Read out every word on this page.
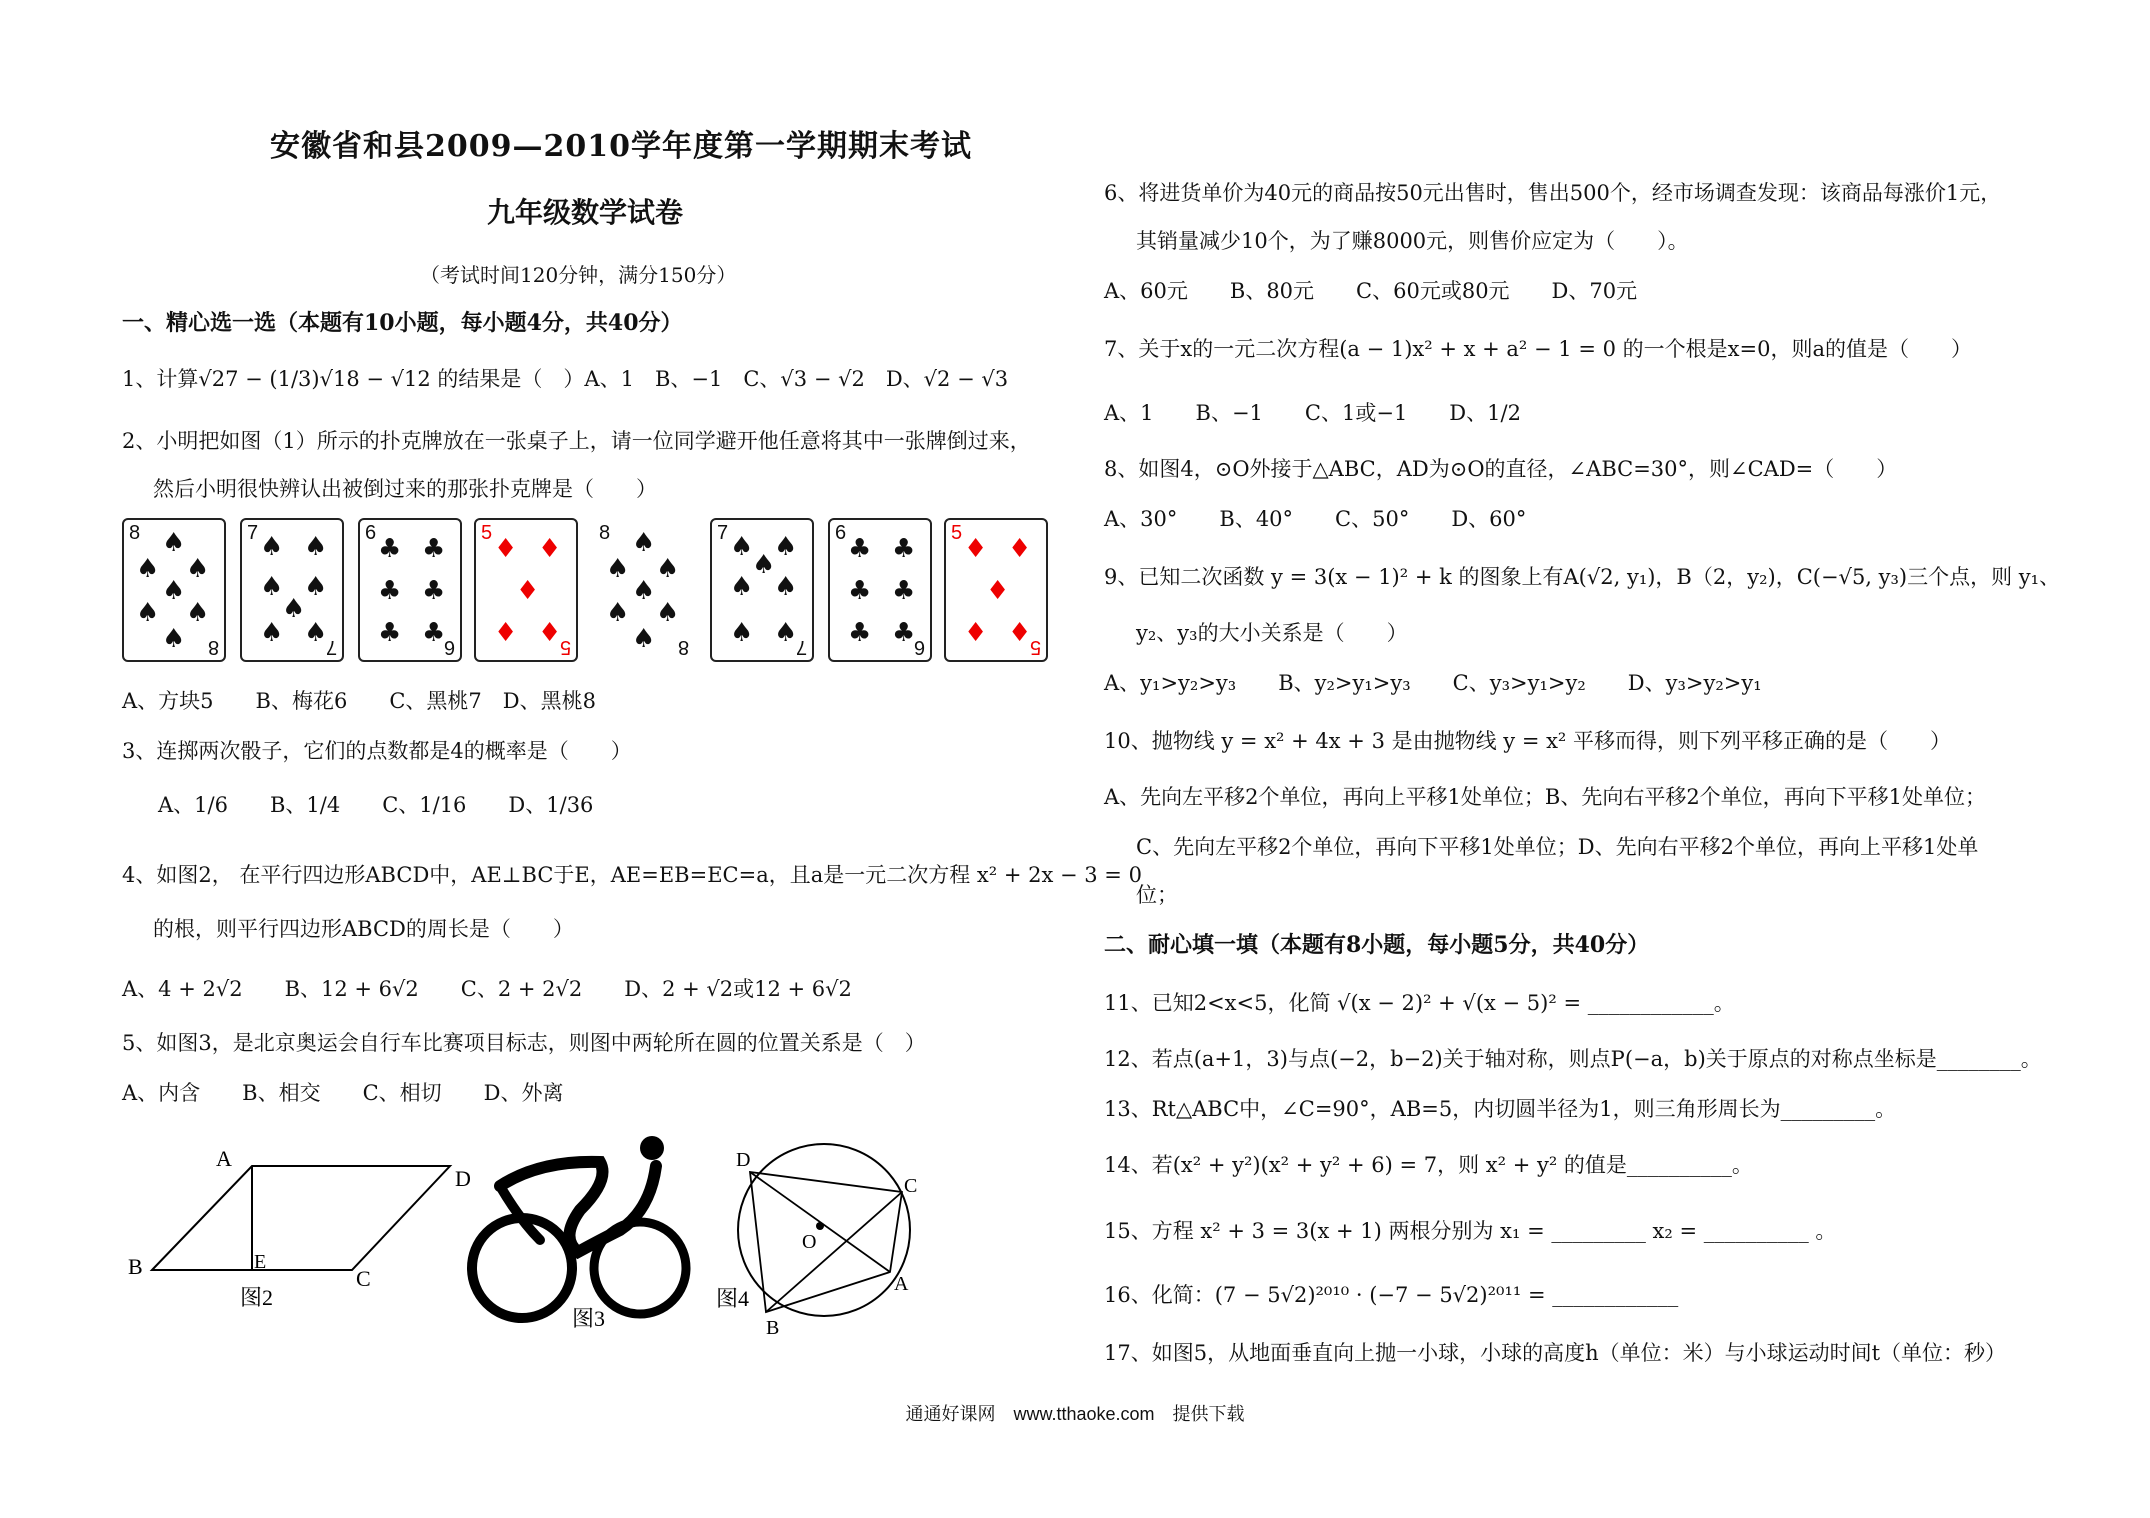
安徽省和县2009—2010学年度第一学期期末考试
九年级数学试卷
（考试时间120分钟，满分150分）
一、精心选一选（本题有10小题，每小题4分，共40分）
1、计算√27 − (1/3)√18 − √12 的结果是（　）A、1　B、−1　C、√3 − √2　D、√2 − √3
2、小明把如图（1）所示的扑克牌放在一张桌子上，请一位同学避开他任意将其中一张牌倒过来，
然后小明很快辨认出被倒过来的那张扑克牌是（　　）
8 ♠
♠ ♠
♠
♠ ♠
♠ 8
7 ♠ ♠
♠ ♠
♠
♠ ♠
7
6
♣ ♣
♣ ♣
♣ ♣
6
5
♦ ♦
♦
♦ ♦
5
8 ♠
♠ ♠
♠
♠ ♠
♠ 8
7 ♠ ♠
♠ ♠
♠
♠ ♠
7
6
♣ ♣
♣ ♣
♣ ♣
6
5
♦ ♦
♦
♦ ♦
5
A、方块5　　B、梅花6　　C、黑桃7　D、黑桃8
3、连掷两次骰子，它们的点数都是4的概率是（　　）
A、1/6　　B、1/4　　C、1/16　　D、1/36
4、如图2， 在平行四边形ABCD中，AE⊥BC于E，AE=EB=EC=a，且a是一元二次方程 x² + 2x − 3 = 0
的根，则平行四边形ABCD的周长是（　　）
A、4 + 2√2　　B、12 + 6√2　　C、2 + 2√2　　D、2 + √2或12 + 6√2
5、如图3，是北京奥运会自行车比赛项目标志，则图中两轮所在圆的位置关系是（　）
A、内含　　B、相交　　C、相切　　D、外离
A
B	C
D
E
图2
图3
D
C
A
B
O
图4
6、将进货单价为40元的商品按50元出售时，售出500个，经市场调查发现：该商品每涨价1元，
其销量减少10个，为了赚8000元，则售价应定为（　　）。
A、60元　　B、80元　　C、60元或80元　　D、70元
7、关于x的一元二次方程(a − 1)x² + x + a² − 1 = 0 的一个根是x=0，则a的值是（　　）
A、1　　B、−1　　C、1或−1　　D、1/2
8、如图4，⊙O外接于△ABC，AD为⊙O的直径，∠ABC=30°，则∠CAD=（　　）
A、30°　　B、40°　　C、50°　　D、60°
9、已知二次函数 y = 3(x − 1)² + k 的图象上有A(√2, y₁)，B（2，y₂)，C(−√5, y₃)三个点，则 y₁、
y₂、y₃的大小关系是（　　）
A、y₁>y₂>y₃　　B、y₂>y₁>y₃　　C、y₃>y₁>y₂　　D、y₃>y₂>y₁
10、抛物线 y = x² + 4x + 3 是由抛物线 y = x² 平移而得，则下列平移正确的是（　　）
A、先向左平移2个单位，再向上平移1处单位；B、先向右平移2个单位，再向下平移1处单位；
C、先向左平移2个单位，再向下平移1处单位；D、先向右平移2个单位，再向上平移1处单
位；
二、耐心填一填（本题有8小题，每小题5分，共40分）
11、已知2<x<5，化简 √(x − 2)² + √(x − 5)² = ____________。
12、若点(a+1，3)与点(−2，b−2)关于轴对称，则点P(−a，b)关于原点的对称点坐标是________。
13、Rt△ABC中，∠C=90°，AB=5，内切圆半径为1，则三角形周长为_________。
14、若(x² + y²)(x² + y² + 6) = 7，则 x² + y² 的值是__________。
15、方程 x² + 3 = 3(x + 1) 两根分别为 x₁ = _________ x₂ = __________ 。
16、化简：(7 − 5√2)²⁰¹⁰ · (−7 − 5√2)²⁰¹¹ = ____________
17、如图5，从地面垂直向上抛一小球，小球的高度h（单位：米）与小球运动时间t（单位：秒）
通通好课网　www.tthaoke.com　提供下载
